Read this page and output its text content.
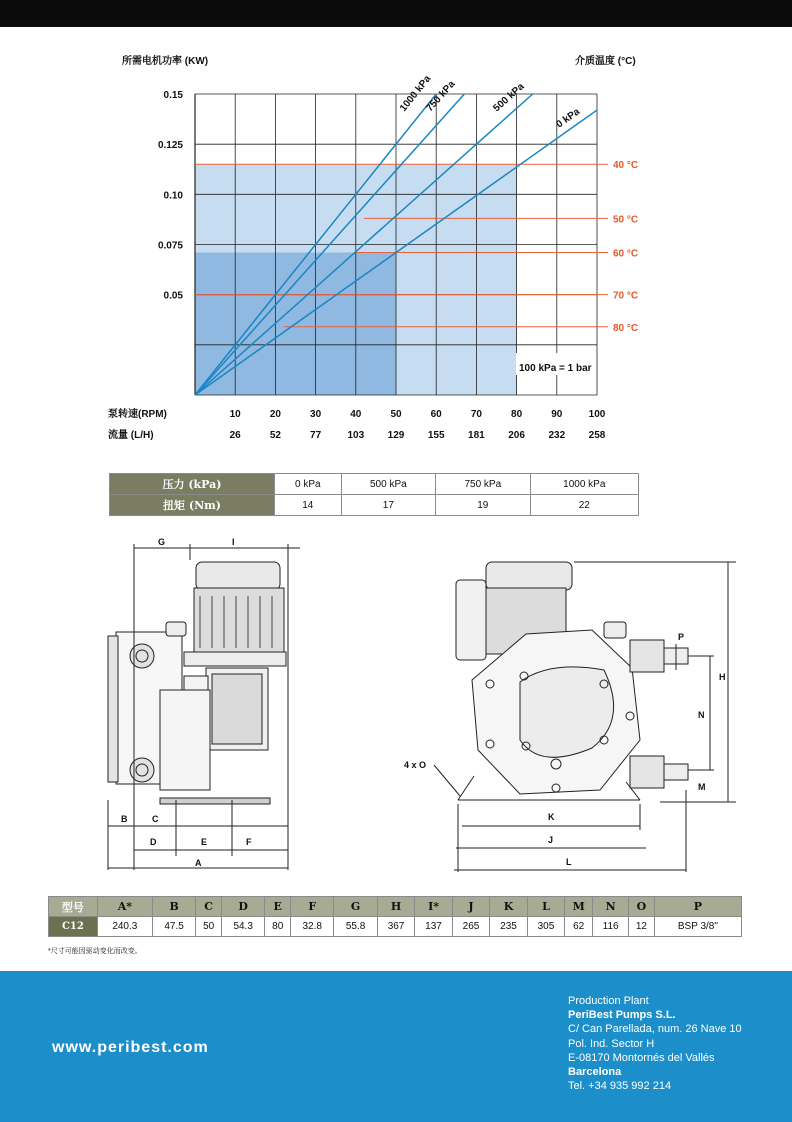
所需电机功率 (KW)	介质温度 (°C)
40 °C
50 °C
60 °C
70 °C
80 °C
0.15
0.125
0.10
0.075
0.05
泵转速(RPM)
流量 (L/H)
10	20	30	40	50	60	70	80	90	100
26	52	77	103 129 155 181 206 232 258
1000 kPa
750 kPa	500 kPa
0 kPa
100 kPa = 1 bar
压力 (kPa)	0 kPa	500 kPa	750 kPa	1000 kPa
扭矩 (Nm)	14	17	19	22
G	I
B	C
D	E	F
A
P
H
N
M
K
J
L
4 x O
型号	A*	B	C	D	E	F	G	H	I*	J	K	L	M	N	O	P
C12	240.3	47.5	50	54.3	80	32.8	55.8	367	137	265	235	305	62	116	12	BSP 3/8"
*尺寸可能因驱动变化而改变。
www.peribest.com
Production Plant
PeriBest Pumps S.L.
C/ Can Parellada, num. 26 Nave 10
Pol. Ind. Sector H
E-08170 Montornés del Vallés
Barcelona
Tel. +34 935 992 214
